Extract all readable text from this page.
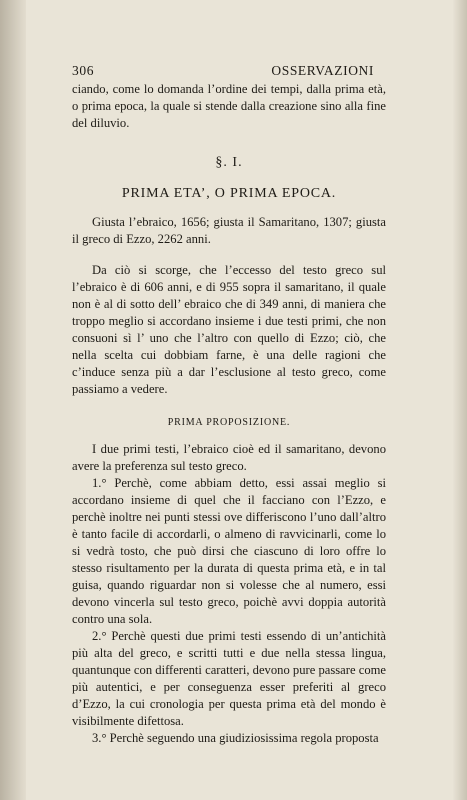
306	OSSERVAZIONI

ciando, come lo domanda l’ordine dei tempi, dalla prima età, o prima epoca, la quale si stende dalla creazione sino alla fine del diluvio.

§. I.
PRIMA ETA’, O PRIMA EPOCA.

Giusta l’ebraico, 1656; giusta il Samaritano, 1307; giusta il greco di Ezzo, 2262 anni.

Da ciò si scorge, che l’eccesso del testo greco sul l’ebraico è di 606 anni, e di 955 sopra il samaritano, il quale non è al di sotto dell’ ebraico che di 349 anni, di maniera che troppo meglio si accordano insieme i due testi primi, che non consuoni sì l’ uno che l’altro con quello di Ezzo; ciò, che nella scelta cui dobbiam farne, è una delle ragioni che c’induce senza più a dar l’esclusione al testo greco, come passiamo a vedere.

PRIMA PROPOSIZIONE.

I due primi testi, l’ebraico cioè ed il samaritano, devono avere la preferenza sul testo greco.

1.° Perchè, come abbiam detto, essi assai meglio si accordano insieme di quel che il facciano con l’Ezzo, e perchè inoltre nei punti stessi ove differiscono l’uno dall’altro è tanto facile di accordarli, o almeno di ravvicinarli, come lo si vedrà tosto, che può dirsi che ciascuno di loro offre lo stesso risultamento per la durata di questa prima età, e in tal guisa, quando riguardar non si volesse che al numero, essi devono vincerla sul testo greco, poichè avvi doppia autorità contro una sola.

2.° Perchè questi due primi testi essendo di un’antichità più alta del greco, e scritti tutti e due nella stessa lingua, quantunque con differenti caratteri, devono pure passare come più autentici, e per conseguenza esser preferiti al greco d’Ezzo, la cui cronologia per questa prima età del mondo è visibilmente difettosa.

3.° Perchè seguendo una giudiziosissima regola proposta
